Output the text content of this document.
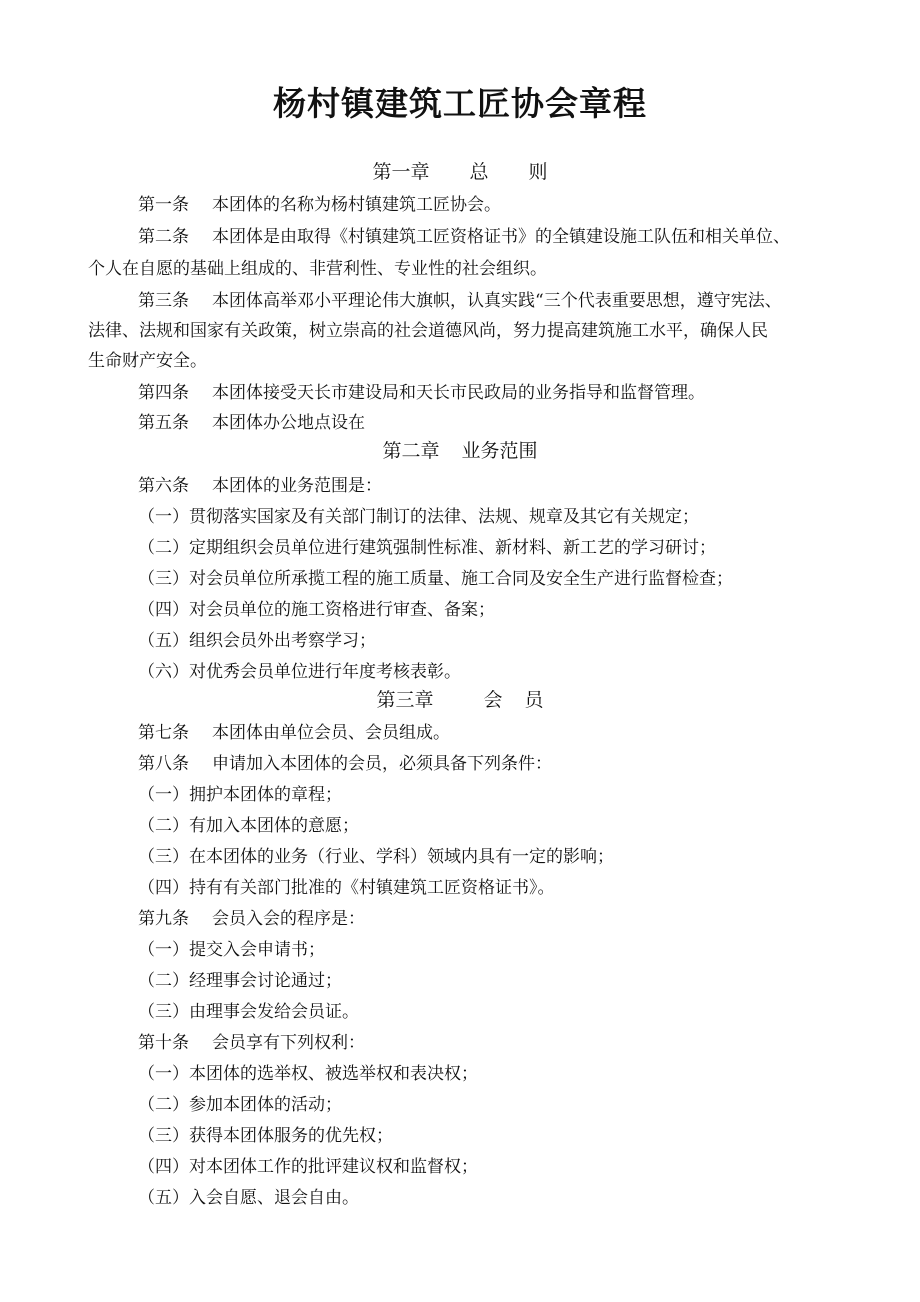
杨村镇建筑工匠协会章程
第一章 总 则
第一条 本团体的名称为杨村镇建筑工匠协会。
第二条 本团体是由取得《村镇建筑工匠资格证书》的全镇建设施工队伍和相关单位、
个人在自愿的基础上组成的、非营利性、专业性的社会组织。
第三条 本团体高举邓小平理论伟大旗帜，认真实践“三个代表重要思想，遵守宪法、
法律、法规和国家有关政策，树立崇高的社会道德风尚，努力提高建筑施工水平，确保人民
生命财产安全。
第四条 本团体接受天长市建设局和天长市民政局的业务指导和监督管理。
第五条 本团体办公地点设在
第二章 业务范围
第六条 本团体的业务范围是：
（一）贯彻落实国家及有关部门制订的法律、法规、规章及其它有关规定；
（二）定期组织会员单位进行建筑强制性标准、新材料、新工艺的学习研讨；
（三）对会员单位所承揽工程的施工质量、施工合同及安全生产进行监督检查；
（四）对会员单位的施工资格进行审查、备案；
（五）组织会员外出考察学习；
（六）对优秀会员单位进行年度考核表彰。
第三章	会 员
第七条 本团体由单位会员、会员组成。
第八条 申请加入本团体的会员，必须具备下列条件：
（一）拥护本团体的章程；
（二）有加入本团体的意愿；
（三）在本团体的业务（行业、学科）领域内具有一定的影响；
（四）持有有关部门批准的《村镇建筑工匠资格证书》。
第九条 会员入会的程序是：
（一）提交入会申请书；
（二）经理事会讨论通过；
（三）由理事会发给会员证。
第十条 会员享有下列权利：
（一）本团体的选举权、被选举权和表决权；
（二）参加本团体的活动；
（三）获得本团体服务的优先权；
（四）对本团体工作的批评建议权和监督权；
（五）入会自愿、退会自由。
